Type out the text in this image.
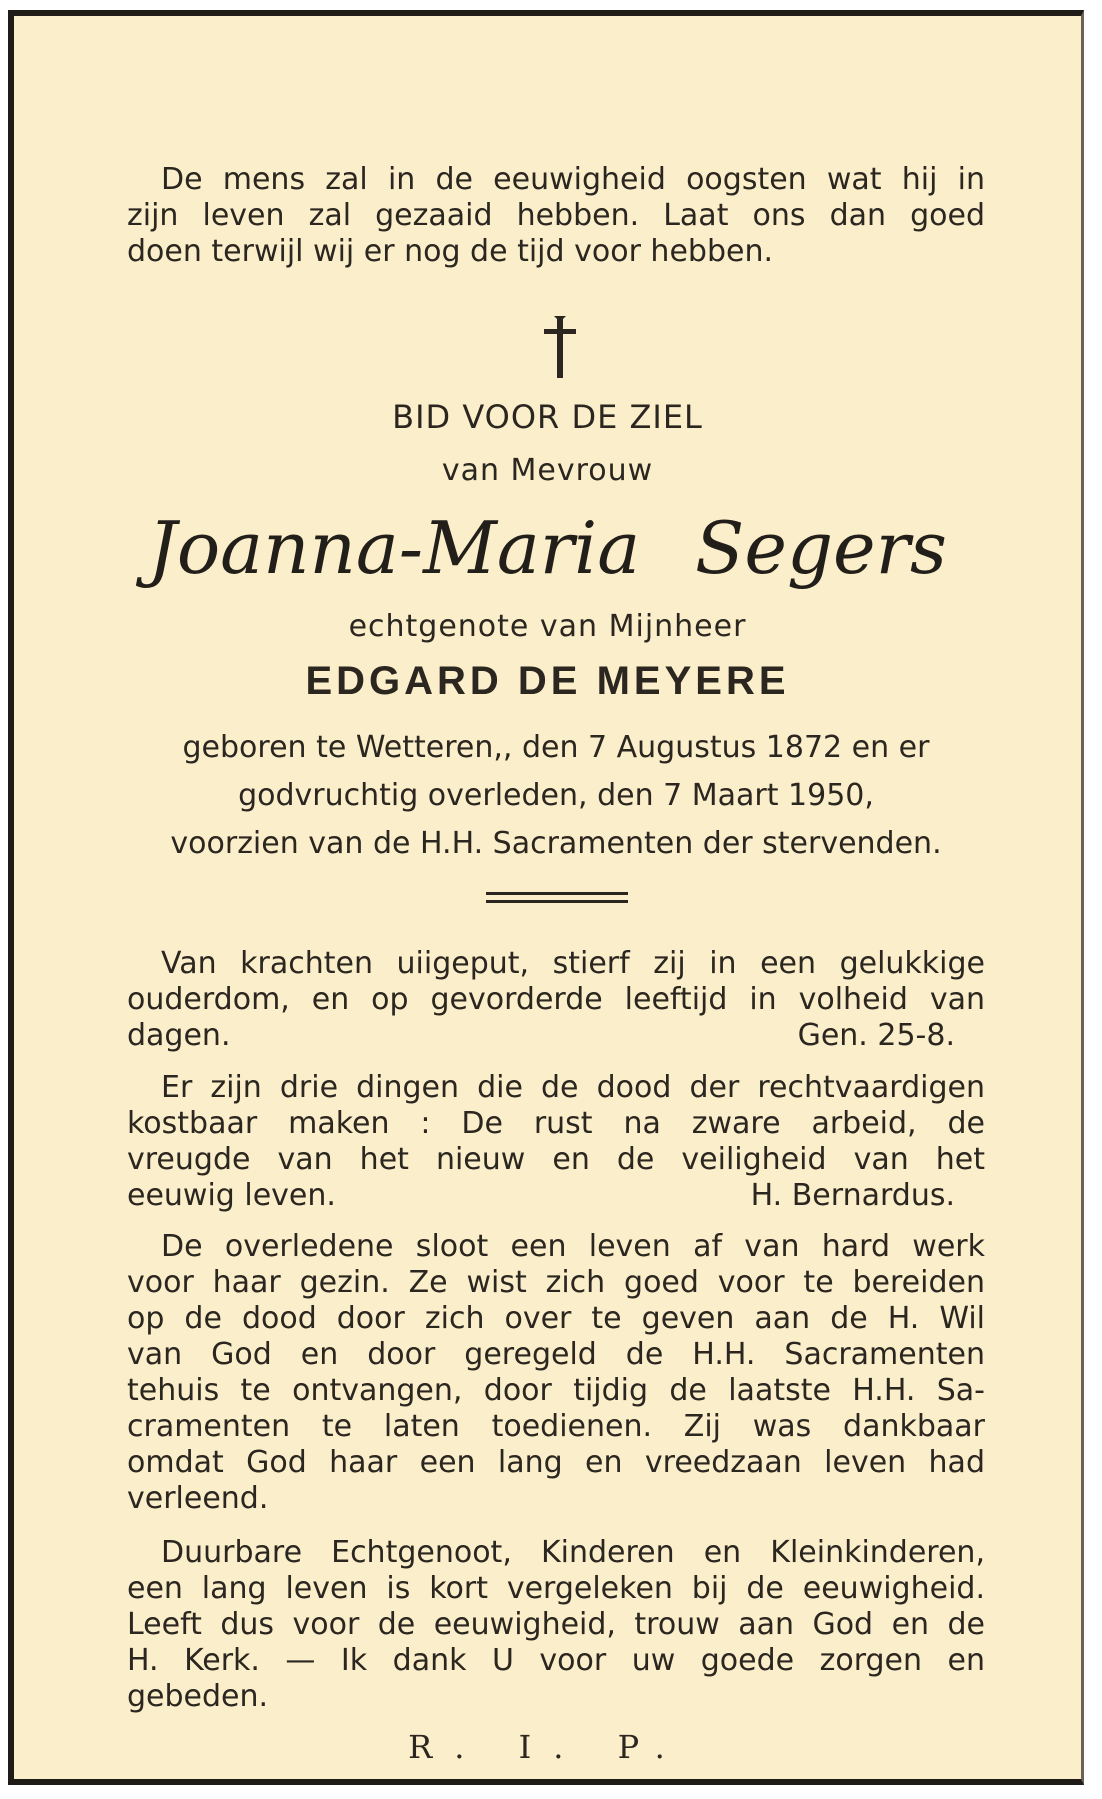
De mens zal in de eeuwigheid oogsten wat hij in
zijn leven zal gezaaid hebben. Laat ons dan goed
doen terwijl wij er nog de tijd voor hebben.
BID VOOR DE ZIEL
van Mevrouw
Joanna-Maria Segers
echtgenote van Mijnheer
EDGARD DE MEYERE
geboren te Wetteren,, den 7 Augustus 1872 en er
godvruchtig overleden, den 7 Maart 1950,
voorzien van de H.H. Sacramenten der stervenden.
Van krachten uiigeput, stierf zij in een gelukkige
ouderdom, en op gevorderde leeftijd in volheid van
dagen.	Gen. 25-8.
Er zijn drie dingen die de dood der rechtvaardigen
kostbaar maken : De rust na zware arbeid, de
vreugde van het nieuw en de veiligheid van het
eeuwig leven.	H. Bernardus.
De overledene sloot een leven af van hard werk
voor haar gezin. Ze wist zich goed voor te bereiden
op de dood door zich over te geven aan de H. Wil
van God en door geregeld de H.H. Sacramenten
tehuis te ontvangen, door tijdig de laatste H.H. Sa-
cramenten te laten toedienen. Zij was dankbaar
omdat God haar een lang en vreedzaan leven had
verleend.
Duurbare Echtgenoot, Kinderen en Kleinkinderen,
een lang leven is kort vergeleken bij de eeuwigheid.
Leeft dus voor de eeuwigheid, trouw aan God en de
H. Kerk. — Ik dank U voor uw goede zorgen en
gebeden.
R. I. P.
